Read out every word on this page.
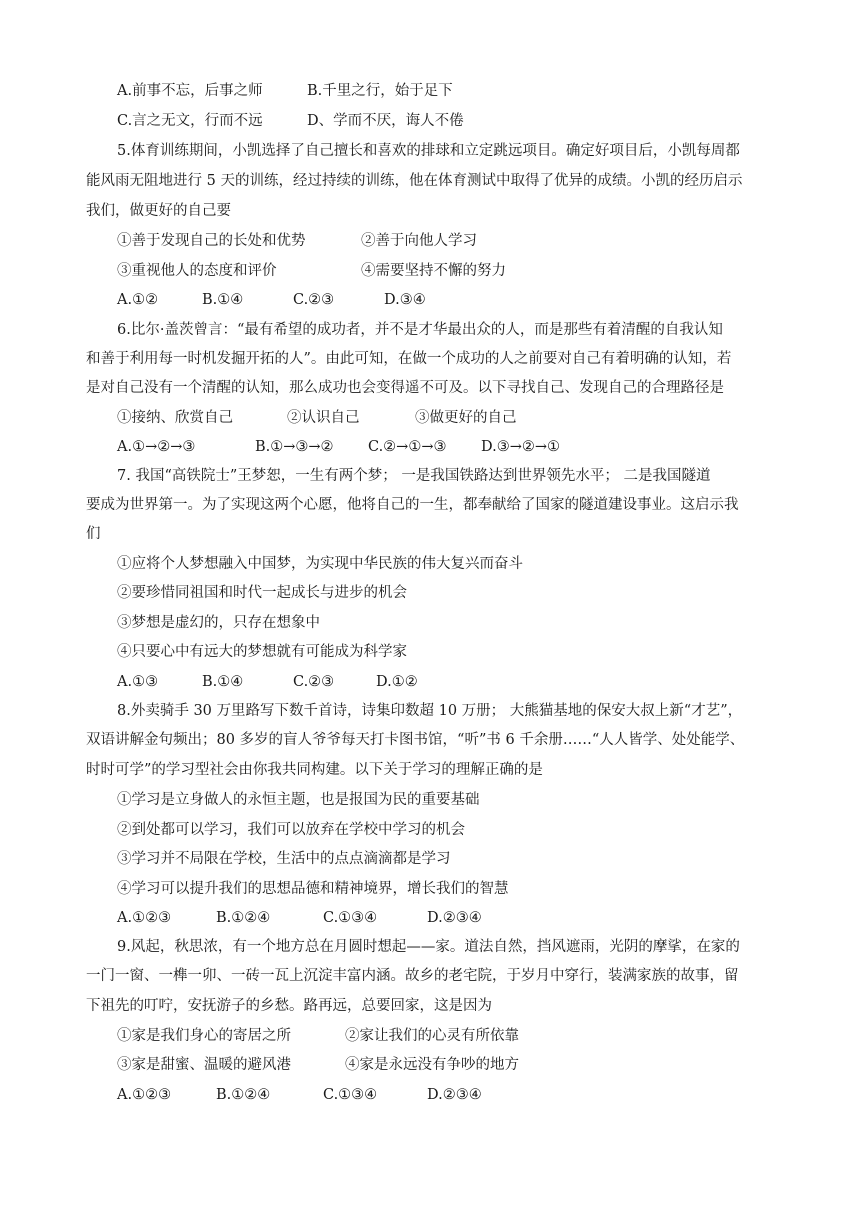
A.前事不忘，后事之师	B.千里之行，始于足下
C.言之无文，行而不远	D、学而不厌，诲人不倦
5.体育训练期间，小凯选择了自己擅长和喜欢的排球和立定跳远项目。确定好项目后，小凯每周都
能风雨无阻地进行 5 天的训练，经过持续的训练，他在体育测试中取得了优异的成绩。小凯的经历启示
我们，做更好的自己要
①善于发现自己的长处和优势	②善于向他人学习
③重视他人的态度和评价	④需要坚持不懈的努力
A.①②	B.①④	C.②③	D.③④
6.比尔·盖茨曾言：“最有希望的成功者，并不是才华最出众的人，而是那些有着清醒的自我认知
和善于利用每一时机发掘开拓的人”。由此可知，在做一个成功的人之前要对自己有着明确的认知，若
是对自己没有一个清醒的认知，那么成功也会变得遥不可及。以下寻找自己、发现自己的合理路径是
①接纳、欣赏自己	②认识自己	③做更好的自己
A.①→②→③	B.①→③→② C.②→①→③ D.③→②→①
7. 我国“高铁院士”王梦恕，一生有两个梦； 一是我国铁路达到世界领先水平； 二是我国隧道
要成为世界第一。为了实现这两个心愿，他将自己的一生，都奉献给了国家的隧道建设事业。这启示我
们
①应将个人梦想融入中国梦，为实现中华民族的伟大复兴而奋斗
②要珍惜同祖国和时代一起成长与进步的机会
③梦想是虚幻的，只存在想象中
④只要心中有远大的梦想就有可能成为科学家
A.①③	B.①④	C.②③	D.①②
8.外卖骑手 30 万里路写下数千首诗，诗集印数超 10 万册； 大熊猫基地的保安大叔上新“才艺”，
双语讲解金句频出；80 多岁的盲人爷爷每天打卡图书馆，“听”书 6 千余册……“人人皆学、处处能学、
时时可学”的学习型社会由你我共同构建。以下关于学习的理解正确的是
①学习是立身做人的永恒主题，也是报国为民的重要基础
②到处都可以学习，我们可以放弃在学校中学习的机会
③学习并不局限在学校，生活中的点点滴滴都是学习
④学习可以提升我们的思想品德和精神境界，增长我们的智慧
A.①②③	B.①②④	C.①③④	D.②③④
9.风起，秋思浓，有一个地方总在月圆时想起——家。道法自然，挡风遮雨，光阴的摩挲，在家的
一门一窗、一榫一卯、一砖一瓦上沉淀丰富内涵。故乡的老宅院，于岁月中穿行，装满家族的故事，留
下祖先的叮咛，安抚游子的乡愁。路再远，总要回家，这是因为
①家是我们身心的寄居之所	②家让我们的心灵有所依靠
③家是甜蜜、温暖的避风港	④家是永远没有争吵的地方
A.①②③	B.①②④	C.①③④	D.②③④
